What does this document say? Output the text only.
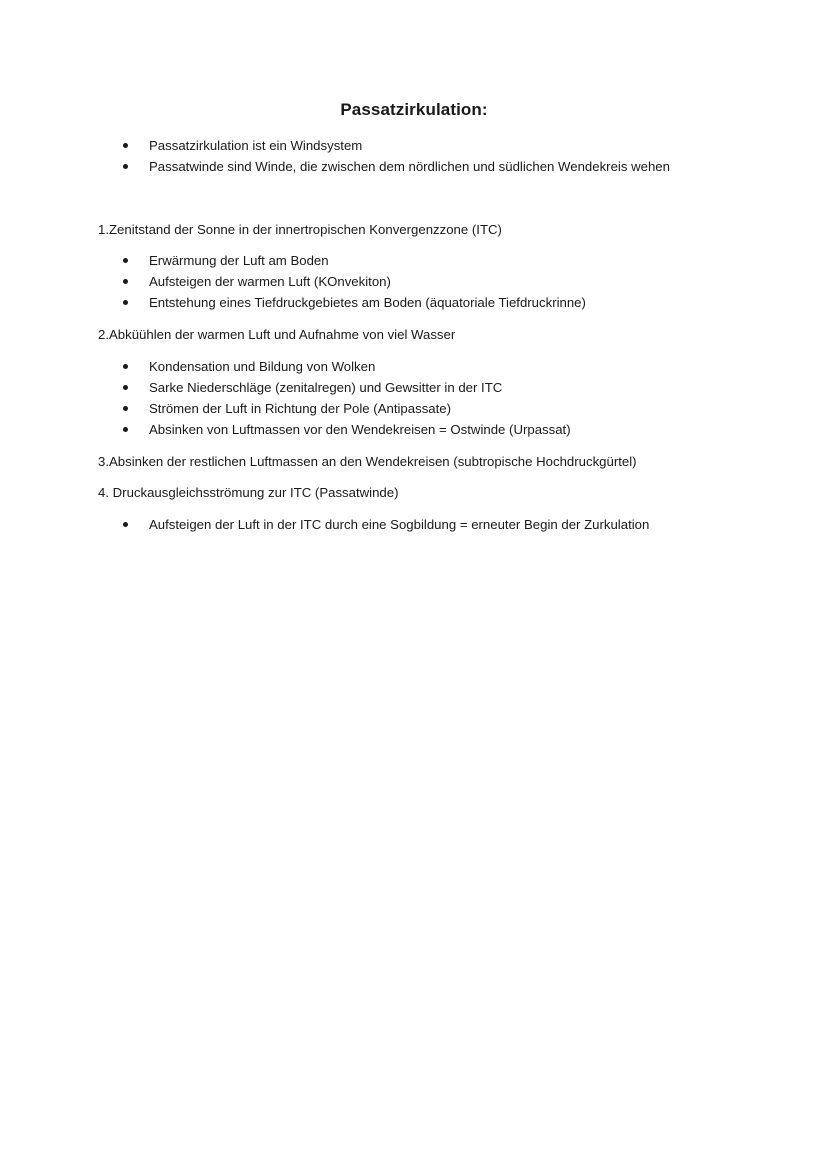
Passatzirkulation:
Passatzirkulation ist ein Windsystem
Passatwinde sind Winde, die zwischen dem nördlichen und südlichen Wendekreis wehen
1.Zenitstand der Sonne in der innertropischen Konvergenzzone (ITC)
Erwärmung der Luft am Boden
Aufsteigen der warmen Luft (KOnvekiton)
Entstehung eines Tiefdruckgebietes am Boden (äquatoriale Tiefdruckrinne)
2.Abküühlen der warmen Luft und Aufnahme von viel Wasser
Kondensation und Bildung von Wolken
Sarke Niederschläge (zenitalregen) und Gewsitter in der ITC
Strömen der Luft in Richtung der Pole (Antipassate)
Absinken von Luftmassen vor den Wendekreisen = Ostwinde (Urpassat)
3.Absinken der restlichen Luftmassen an den Wendekreisen (subtropische Hochdruckgürtel)
4. Druckausgleichsströmung zur ITC (Passatwinde)
Aufsteigen der Luft in der ITC durch eine Sogbildung = erneuter Begin der Zurkulation
